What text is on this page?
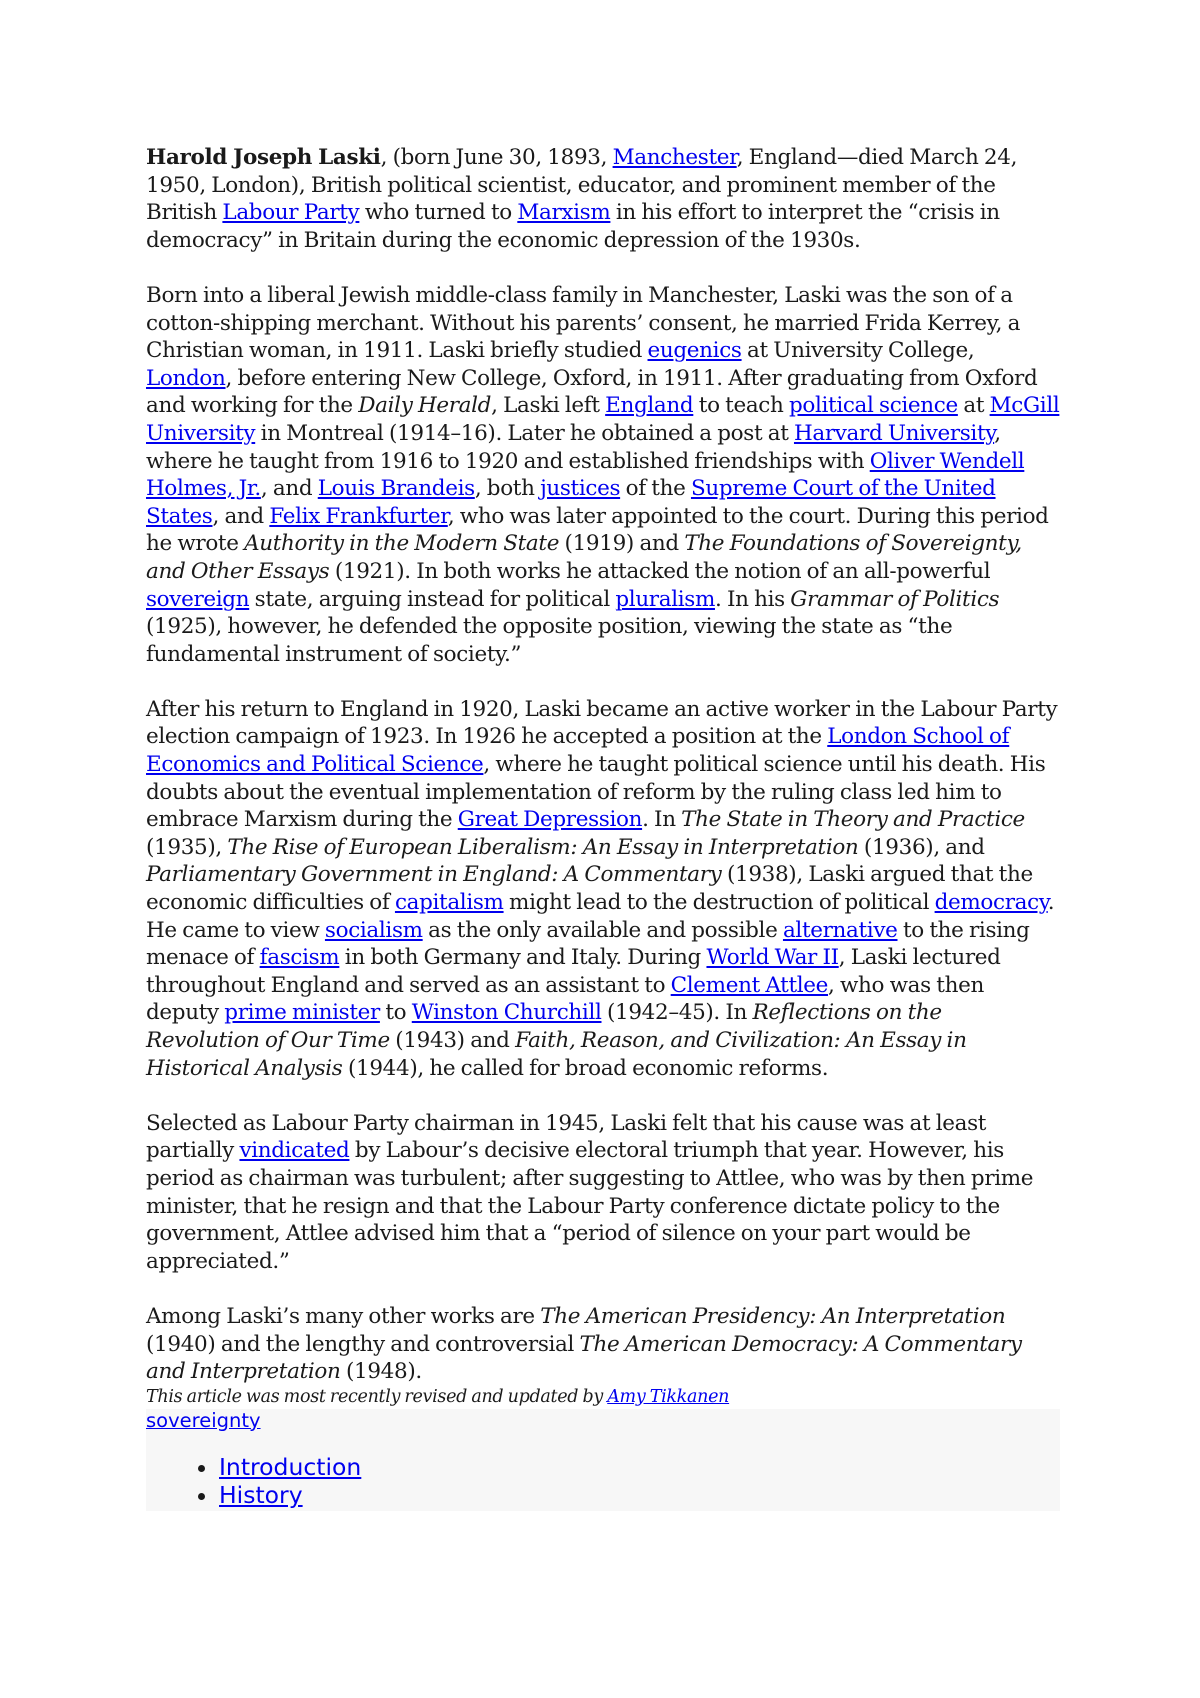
Harold Joseph Laski, (born June 30, 1893, Manchester, England—died March 24, 1950, London), British political scientist, educator, and prominent member of the British Labour Party who turned to Marxism in his effort to interpret the “crisis in democracy” in Britain during the economic depression of the 1930s.

Born into a liberal Jewish middle-class family in Manchester, Laski was the son of a cotton-shipping merchant. Without his parents’ consent, he married Frida Kerrey, a Christian woman, in 1911. Laski briefly studied eugenics at University College, London, before entering New College, Oxford, in 1911. After graduating from Oxford and working for the Daily Herald, Laski left England to teach political science at McGill University in Montreal (1914–16). Later he obtained a post at Harvard University, where he taught from 1916 to 1920 and established friendships with Oliver Wendell Holmes, Jr., and Louis Brandeis, both justices of the Supreme Court of the United States, and Felix Frankfurter, who was later appointed to the court. During this period he wrote Authority in the Modern State (1919) and The Foundations of Sovereignty, and Other Essays (1921). In both works he attacked the notion of an all-powerful sovereign state, arguing instead for political pluralism. In his Grammar of Politics (1925), however, he defended the opposite position, viewing the state as “the fundamental instrument of society.”

After his return to England in 1920, Laski became an active worker in the Labour Party election campaign of 1923. In 1926 he accepted a position at the London School of Economics and Political Science, where he taught political science until his death. His doubts about the eventual implementation of reform by the ruling class led him to embrace Marxism during the Great Depression. In The State in Theory and Practice (1935), The Rise of European Liberalism: An Essay in Interpretation (1936), and Parliamentary Government in England: A Commentary (1938), Laski argued that the economic difficulties of capitalism might lead to the destruction of political democracy. He came to view socialism as the only available and possible alternative to the rising menace of fascism in both Germany and Italy. During World War II, Laski lectured throughout England and served as an assistant to Clement Attlee, who was then deputy prime minister to Winston Churchill (1942–45). In Reflections on the Revolution of Our Time (1943) and Faith, Reason, and Civilization: An Essay in Historical Analysis (1944), he called for broad economic reforms.

Selected as Labour Party chairman in 1945, Laski felt that his cause was at least partially vindicated by Labour’s decisive electoral triumph that year. However, his period as chairman was turbulent; after suggesting to Attlee, who was by then prime minister, that he resign and that the Labour Party conference dictate policy to the government, Attlee advised him that a “period of silence on your part would be appreciated.”

Among Laski’s many other works are The American Presidency: An Interpretation (1940) and the lengthy and controversial The American Democracy: A Commentary and Interpretation (1948).

This article was most recently revised and updated by Amy Tikkanen
sovereignty
• Introduction
• History
